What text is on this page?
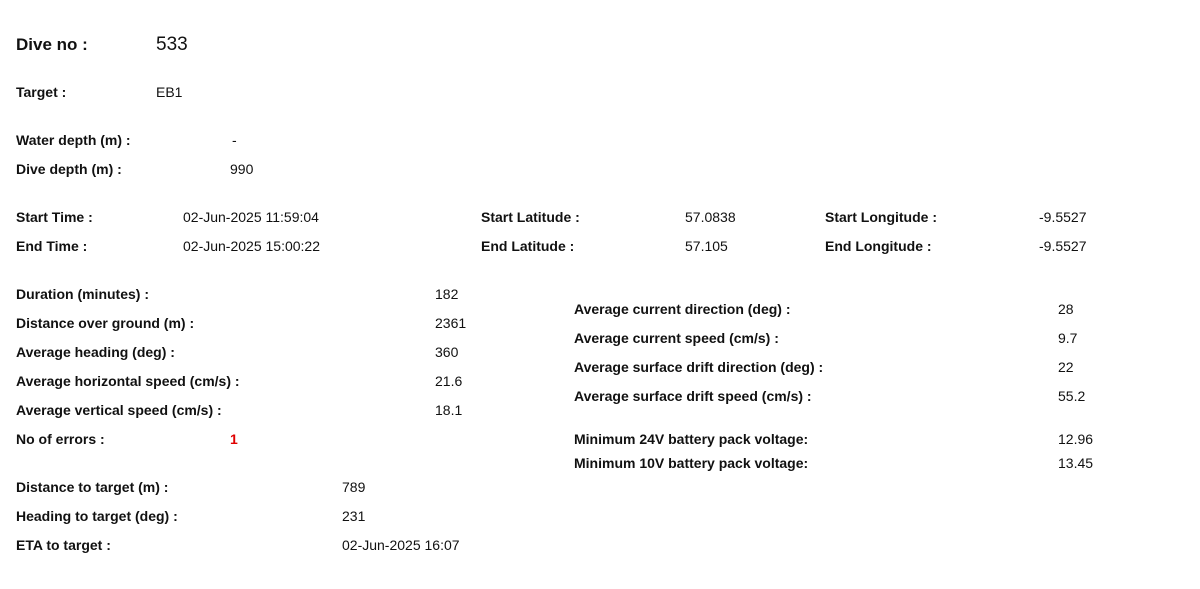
Dive no :	533
Target :	EB1
Water depth (m) :	-
Dive depth (m) :	990
Start Time :	02-Jun-2025 11:59:04
End Time :	02-Jun-2025 15:00:22
Start Latitude :	57.0838
End Latitude :	57.105
Start Longitude :	-9.5527
End Longitude :	-9.5527
Duration (minutes) :	182
Distance over ground (m) :	2361
Average heading (deg) :	360
Average horizontal speed (cm/s) :	21.6
Average vertical speed (cm/s) :	18.1
No of errors :	1
Average current direction (deg) :	28
Average current speed (cm/s) :	9.7
Average surface drift direction (deg) :	22
Average surface drift speed (cm/s) :	55.2
Minimum 24V battery pack voltage:	12.96
Minimum 10V battery pack voltage:	13.45
Distance to target (m) :	789
Heading to target (deg) :	231
ETA to target :	02-Jun-2025 16:07
